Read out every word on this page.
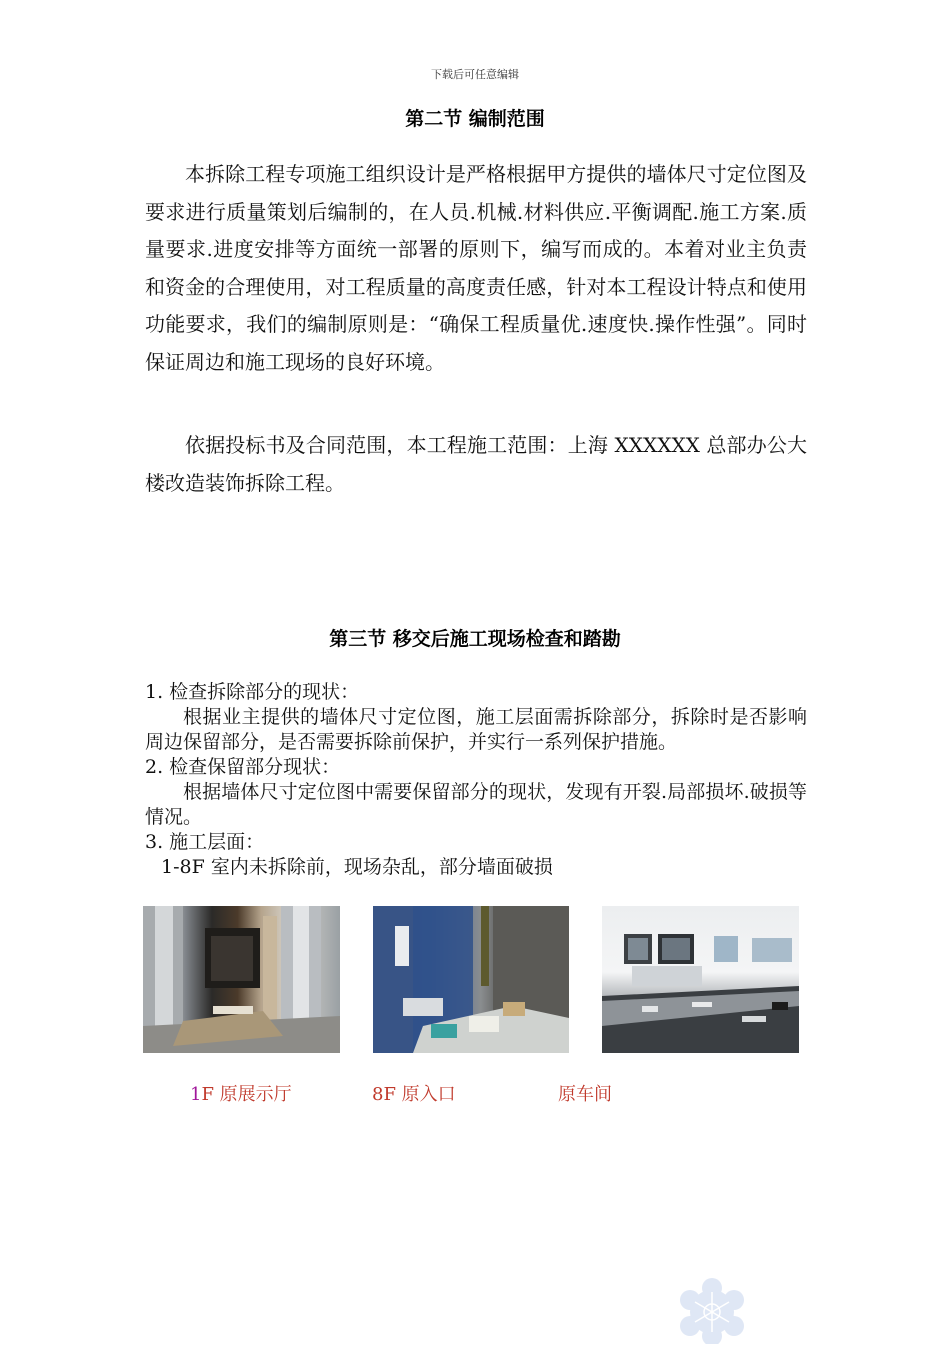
下载后可任意编辑
第二节 编制范围

本拆除工程专项施工组织设计是严格根据甲方提供的墙体尺寸定位图及要求进行质量策划后编制的，在人员.机械.材料供应.平衡调配.施工方案.质量要求.进度安排等方面统一部署的原则下，编写而成的。本着对业主负责和资金的合理使用，对工程质量的高度责任感，针对本工程设计特点和使用功能要求，我们的编制原则是：“确保工程质量优.速度快.操作性强”。同时保证周边和施工现场的良好环境。

依据投标书及合同范围，本工程施工范围：上海 XXXXXX 总部办公大楼改造装饰拆除工程。

第三节 移交后施工现场检查和踏勘

1. 检查拆除部分的现状：

根据业主提供的墙体尺寸定位图，施工层面需拆除部分，拆除时是否影响周边保留部分，是否需要拆除前保护，并实行一系列保护措施。

2. 检查保留部分现状：

根据墙体尺寸定位图中需要保留部分的现状，发现有开裂.局部损坏.破损等情况。

3. 施工层面：

1-8F 室内未拆除前，现场杂乱，部分墙面破损

1F 原展示厅	8F 原入口	原车间
